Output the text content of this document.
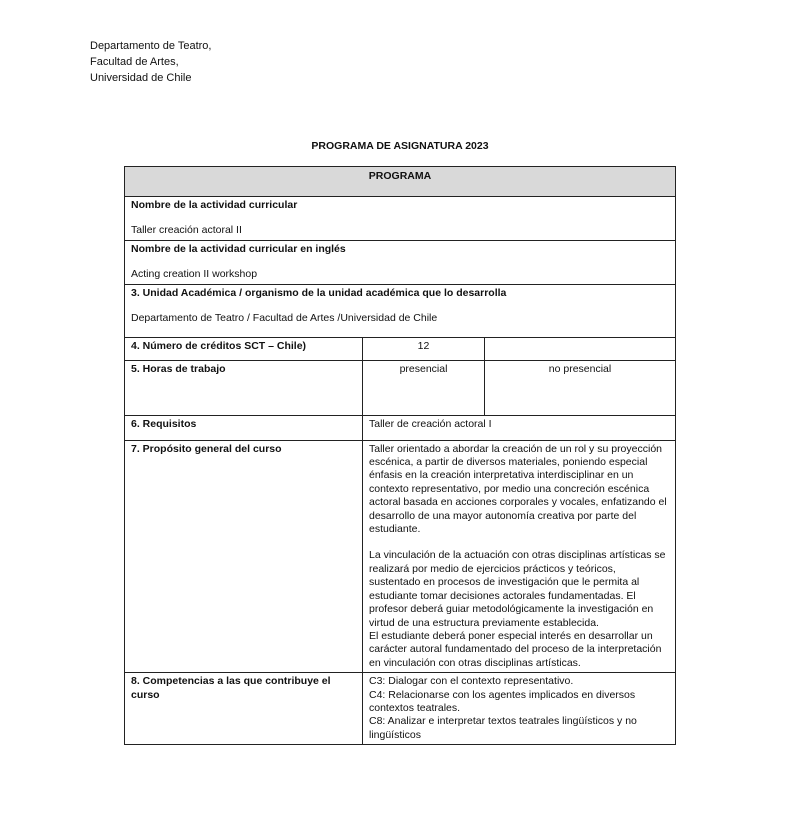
Departamento de Teatro,
Facultad de Artes,
Universidad de Chile
PROGRAMA DE ASIGNATURA 2023
PROGRAMA		

Nombre de la actividad curricular
Taller creación actoral II		

Nombre de la actividad curricular en inglés
Acting creation II workshop		

3. Unidad Académica / organismo de la unidad académica que lo desarrolla
Departamento de Teatro / Facultad de Artes /Universidad de Chile		

4. Número de créditos SCT – Chile)	12	
5. Horas de trabajo	presencial	no presencial
6. Requisitos	Taller de creación actoral I	
7. Propósito general del curso	Taller orientado a abordar la creación de un rol y su proyección escénica, a partir de diversos materiales, poniendo especial énfasis en la creación interpretativa interdisciplinar en un contexto representativo, por medio una concreción escénica actoral basada en acciones corporales y vocales, enfatizando el desarrollo de una mayor autonomía creativa por parte del estudiante.
La vinculación de la actuación con otras disciplinas artísticas se realizará por medio de ejercicios prácticos y teóricos, sustentado en procesos de investigación que le permita al estudiante tomar decisiones actorales fundamentadas. El profesor deberá guiar metodológicamente la investigación en virtud de una estructura previamente establecida.
El estudiante deberá poner especial interés en desarrollar un carácter autoral fundamentado del proceso de la interpretación en vinculación con otras disciplinas artísticas.	

8. Competencias a las que contribuye el curso	C3: Dialogar con el contexto representativo.
C4: Relacionarse con los agentes implicados en diversos contextos teatrales.
C8: Analizar e interpretar textos teatrales lingüísticos y no lingüísticos	
